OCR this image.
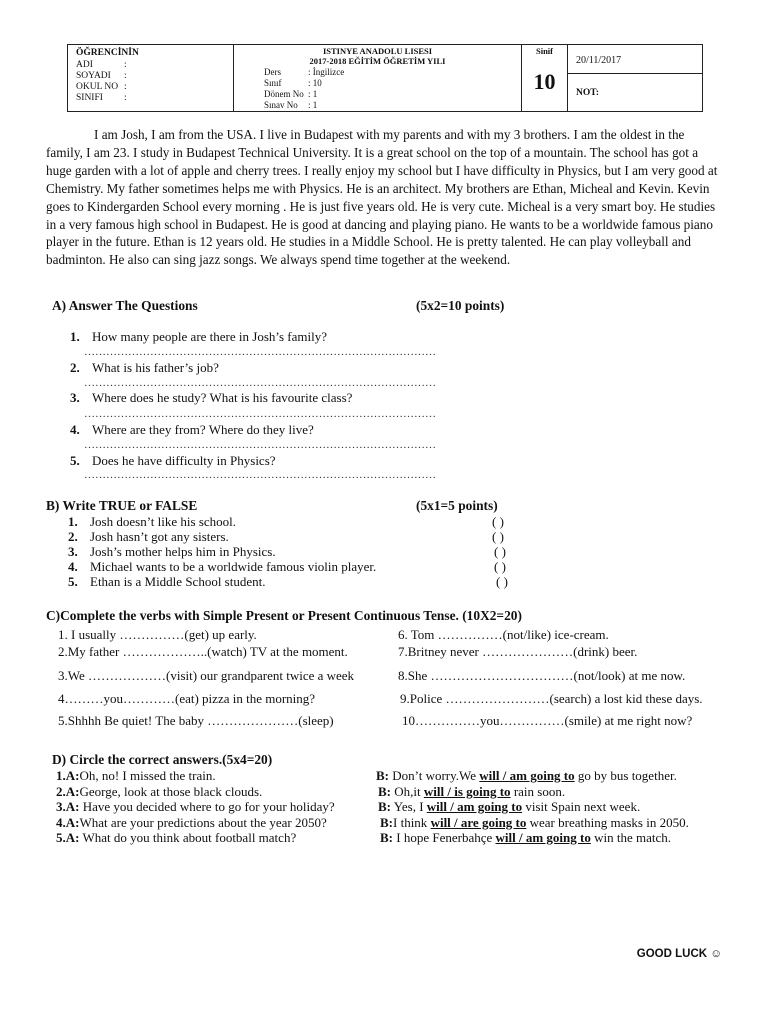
ÖĞRENCİNİN
ADI	:
SOYADI :
OKUL NO :
SINIFI :
ISTINYE ANADOLU LISESI
2017-2018 EĞİTİM ÖĞRETİM YILI
Ders	: İngilizce
Sınıf	: 10
Dönem No : 1
Sınav No : 1
Sinif
10
20/11/2017
NOT:
I am Josh, I am from the USA. I live in Budapest with my parents and with my 3 brothers. I am the oldest in the family, I am 23. I study in Budapest Technical University. It is a great school on the top of a mountain. The school has got a huge garden with a lot of apple and cherry trees. I really enjoy my school but I have difficulty in Physics, but I am very good at Chemistry. My father sometimes helps me with Physics. He is an architect. My brothers are Ethan, Micheal and Kevin. Kevin goes to Kindergarden School every morning . He is just five years old. He is very cute. Micheal is a very smart boy. He studies in a very famous high school in Budapest. He is good at dancing and playing piano. He wants to be a worldwide famous piano player in the future. Ethan is 12 years old. He studies in a Middle School. He is pretty talented. He can play volleyball and badminton. He also can sing jazz songs. We always spend time together at the weekend.
A) Answer The Questions	(5x2=10 points)
1. How many people are there in Josh’s family?
……………………………………………………………………………………
2. What is his father’s job?
……………………………………………………………………………………
3. Where does he study? What is his favourite class?
……………………………………………………………………………………
4. Where are they from? Where do they live?
……………………………………………………………………………………
5. Does he have difficulty in Physics?
……………………………………………………………………………………
B) Write TRUE or FALSE	(5x1=5 points)
1. Josh doesn’t like his school.	( )
2. Josh hasn’t got any sisters.	( )
3. Josh’s mother helps him in Physics.	( )
4. Michael wants to be a worldwide famous violin player.	( )
5. Ethan is a Middle School student.	( )
C)Complete the verbs with Simple Present or Present Continuous Tense. (10X2=20)
1. I usually ……………(get) up early.
2.My father ………………..(watch) TV at the moment.
3.We ………………(visit) our grandparent twice a week
4………you…………(eat) pizza in the morning?
5.Shhhh Be quiet! The baby …………………(sleep)
6. Tom ……………(not/like) ice-cream.
7.Britney never …………………(drink) beer.
8.She ……………………………(not/look) at me now.
9.Police ……………………(search) a lost kid these days.
10……………you……………(smile) at me right now?
D) Circle the correct answers.(5x4=20)
1.A:Oh, no! I missed the train.	B: Don’t worry.We will / am going to go by bus together.
2.A:George, look at those black clouds.	B: Oh,it will / is going to rain soon.
3.A: Have you decided where to go for your holiday?	B: Yes, I will / am going to visit Spain next week.
4.A:What are your predictions about the year 2050?	B:I think will / are going to wear breathing masks in 2050.
5.A: What do you think about football match?	B: I hope Fenerbahçe will / am going to win the match.
GOOD LUCK ☺
